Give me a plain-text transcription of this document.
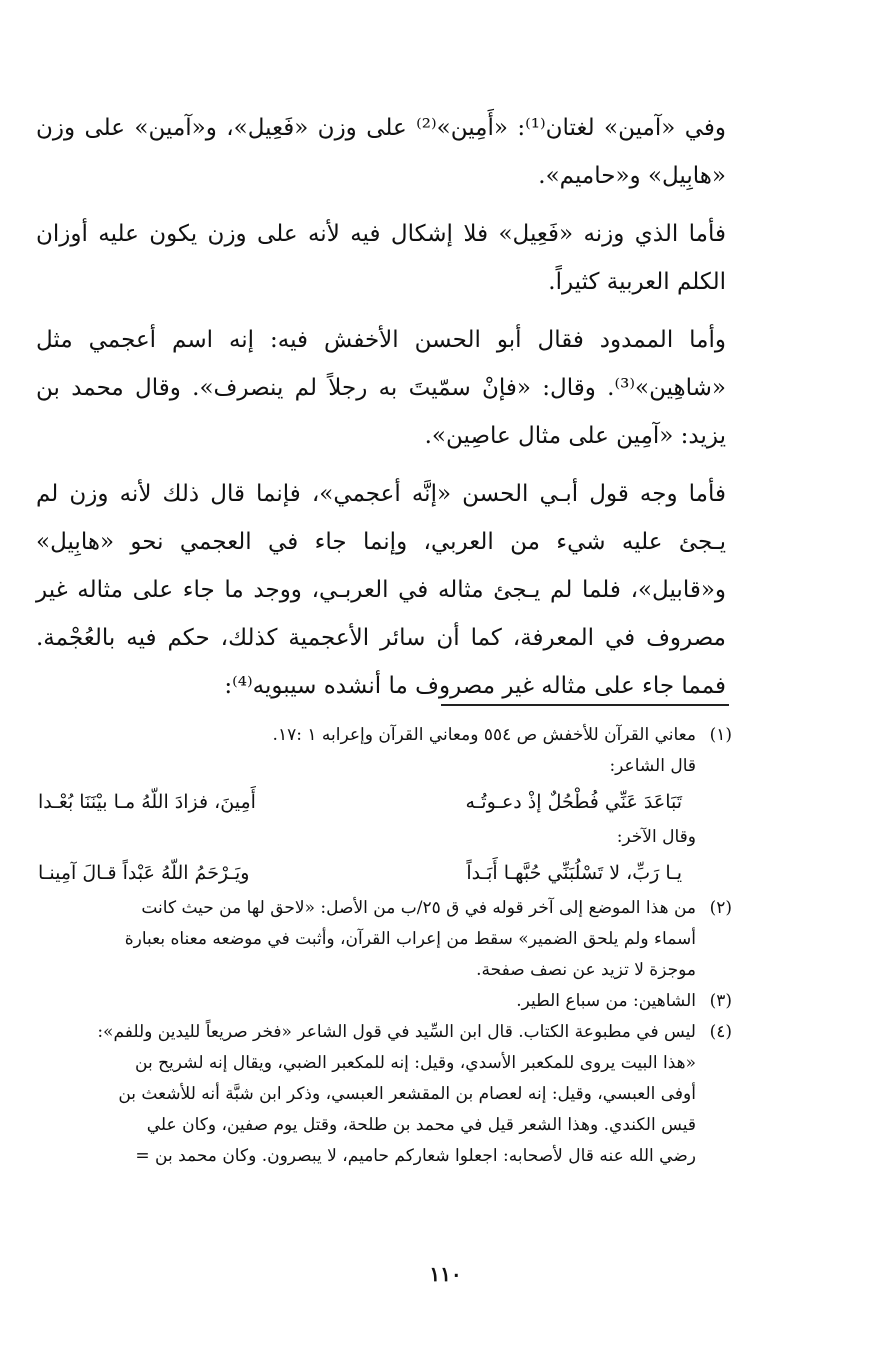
وفي «آمين» لغتان⁽¹⁾: «أَمِين»⁽²⁾ على وزن «فَعِيل»، و«آمين» على وزن «هابِيل» و«حاميم».

فأما الذي وزنه «فَعِيل» فلا إشكال فيه لأنه على وزن يكون عليه أوزان الكلم العربية كثيراً.

وأما الممدود فقال أبو الحسن الأخفش فيه: إنه اسم أعجمي مثل «شاهِين»⁽³⁾. وقال: «فإنْ سمّيتَ به رجلاً لم ينصرف». وقال محمد بن يزيد: «آمِين على مثال عاصِين».

فأما وجه قول أبـي الحسن «إنَّه أعجمي»، فإنما قال ذلك لأنه وزن لم يـجئ عليه شيء من العربي، وإنما جاء في العجمي نحو «هابِيل» و«قابيل»، فلما لم يـجئ مثاله في العربـي، ووجد ما جاء على مثاله غير مصروف في المعرفة، كما أن سائر الأعجمية كذلك، حكم فيه بالعُجْمة. فمما جاء على مثاله غير مصروف ما أنشده سيبويه⁽⁴⁾:

(١)

معاني القرآن للأخفش ص ٥٥٤ ومعاني القرآن وإعرابه ١ :١٧.

قال الشاعر:

تَبَاعَدَ عَنِّي فُطْحُلٌ إذْ دعـوتُـه
أَمِينَ، فزادَ اللّهُ مـا بيْنَنَا بُعْـدا

وقال الآخر:

يـا رَبِّ، لا تَسْلُبَنِّي حُبَّهـا أَبَـداً
ويَـرْحَمُ اللّهُ عَبْداً قـالَ آمِينـا
(٢)

من هذا الموضع إلى آخر قوله في ق ٢٥/ب من الأصل: «لاحق لها من حيث كانت

أسماء ولم يلحق الضمير» سقط من إعراب القرآن، وأثبت في موضعه معناه بعبارة

موجزة لا تزيد عن نصف صفحة.

(٣)

الشاهين: من سباع الطير.

(٤)

ليس في مطبوعة الكتاب. قال ابن السِّيد في قول الشاعر «فخر صريعاً لليدين وللفم»:

«هذا البيت يروى للمكعبر الأسدي، وقيل: إنه للمكعبر الضبي، ويقال إنه لشريح بن

أوفى العبسي، وقيل: إنه لعصام بن المقشعر العبسي، وذكر ابن شبَّة أنه للأشعث بن

قيس الكندي. وهذا الشعر قيل في محمد بن طلحة، وقتل يوم صفين، وكان علي

رضي الله عنه قال لأصحابه: اجعلوا شعاركم حاميم، لا يبصرون. وكان محمد بن =

١١٠
